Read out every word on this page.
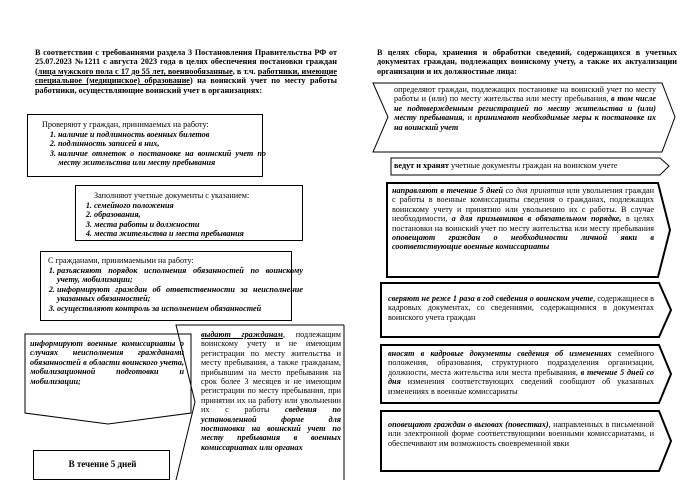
В соответствии с требованиями раздела 3 Постановления Правительства РФ от 25.07.2023 №1211 с августа 2023 года в целях обеспечения постановки граждан (лица мужского пола с 17 до 55 лет, военнообязанные, в т.ч. работники, имеющие специальное (медицинское) образование) на воинский учет по месту работы работники, осуществляющие воинский учет в организациях:
Проверяют у граждан, принимаемых на работу:
1. наличие и подлинность военных билетов
2. подлинность записей в них,
3. наличие отметок о постановке на воинский учет по месту жительства или месту пребывания
Заполняют учетные документы с указанием:
1. семейного положения
2. образования,
3. места работы и должности
4. места жительства и места пребывания
С гражданами, принимаемыми на работу:
1. разъясняют порядок исполнения обязанностей по воинскому учету, мобилизации;
2. информируют граждан об ответственности за неисполнение указанных обязанностей;
3. осуществляют контроль за исполнением обязанностей
информируют военные комиссариаты о случаях неисполнения гражданами обязанностей в области воинского учета, мобилизационной подготовки и мобилизации;
В течение 5 дней
выдают гражданам, подлежащим воинскому учету и не имеющим регистрации по месту жительства и месту пребывания, а также гражданам, прибывшим на место пребывания на срок более 3 месяцев и не имеющим регистрации по месту пребывания, при принятии их на работу или увольнении их с работы сведения по установленной форме для постановки на воинский учет по месту пребывания в военных комиссариатах или органах
В целях сбора, хранения и обработки сведений, содержащихся в учетных документах граждан, подлежащих воинскому учету, а также их актуализации организации и их должностные лица:
определяют граждан, подлежащих постановке на воинский учет по месту работы и (или) по месту жительства или месту пребывания, в том числе не подтвержденным регистрацией по месту жительства и (или) месту пребывания, и принимают необходимые меры к постановке их на воинский учет
ведут и хранят учетные документы граждан на воинском учете
направляют в течение 5 дней со дня принятия или увольнения граждан с работы в военные комиссариаты сведения о гражданах, подлежащих воинскому учету и принятию или увольнению их с работы. В случае необходимости, а для призывников в обязательном порядке, в целях постановки на воинский учет по месту жительства или месту пребывания оповещают граждан о необходимости личной явки в соответствующие военные комиссариаты
сверяют не реже 1 раза в год сведения о воинском учете, содержащиеся в кадровых документах, со сведениями, содержащимися в документах воинского учета граждан
вносят в кадровые документы сведения об изменениях семейного положения, образования, структурного подразделения организации, должности, места жительства или места пребывания, в течение 5 дней со дня изменения соответствующих сведений сообщают об указанных изменениях в военные комиссариаты
оповещают граждан о вызовах (повестках), направленных в письменной или электронной форме соответствующими военными комиссариатами, и обеспечивают им возможность своевременной явки
